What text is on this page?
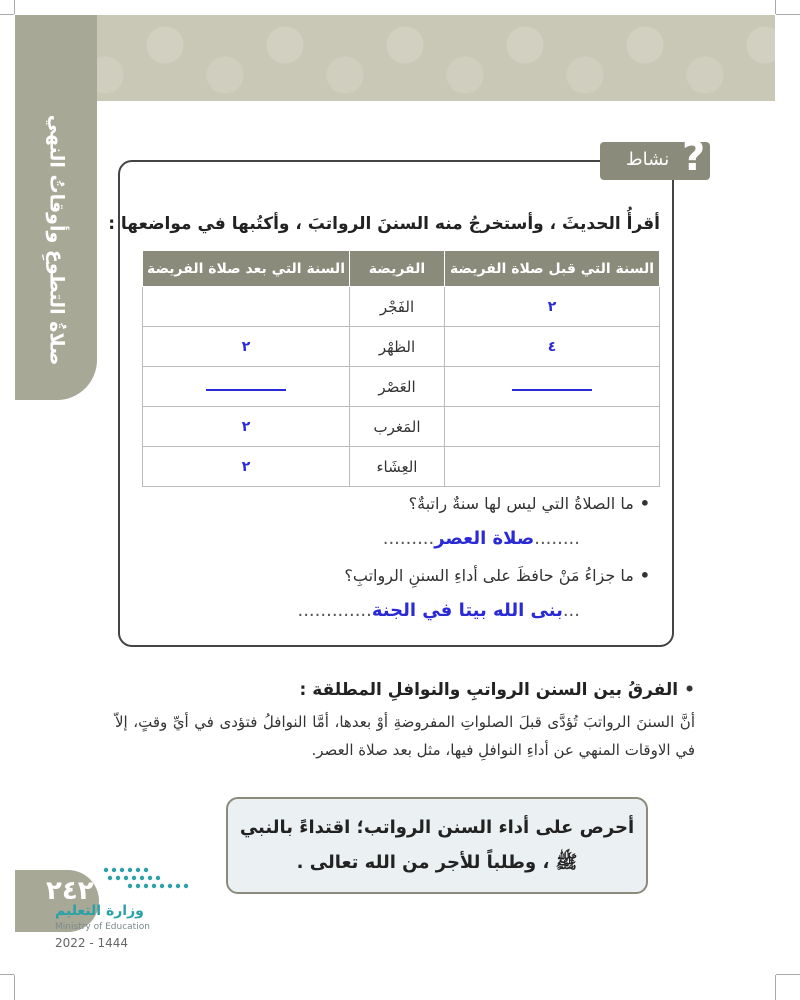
صلاةُ التطوعِ وأوقاتُ النهي	نشاط ?
أقرأُ الحديثَ ، وأستخرجُ منه السننَ الرواتبَ ، وأكتُبها في مواضعها :
السنة التي قبل صلاة الفريضة	الفريضة	السنة التي بعد صلاة الفريضة
٢	الفَجْر	
٤	الظهْر	٢
	العَصْر	
	المَغرب	٢
	العِشَاء	٢
•ما الصلاةُ التي ليس لها سنةٌ راتبةٌ؟
........صلاة العصر.........
•ما جزاءُ مَنْ حافظَ على أداءِ السننِ الرواتبِ؟
...بنى الله بيتا في الجنة.............
•الفرقُ بين السنن الرواتبِ والنوافلِ المطلقة :
أنَّ السننَ الرواتبَ تُؤدَّى قبلَ الصلواتِ المفروضةِ أوْ بعدها، أمَّا النوافلُ فتؤدى في أيِّ وقتٍ، إلاّ في الاوقات المنهي عن أداءِ النوافلِ فيها، مثل بعد صلاة العصر.
أحرص على أداء السنن الرواتب؛ اقتداءً بالنبي
ﷺ ، وطلباً للأجر من الله تعالى .
٢٤٢
وزارة التعليم
Ministry of Education
2022 - 1444
